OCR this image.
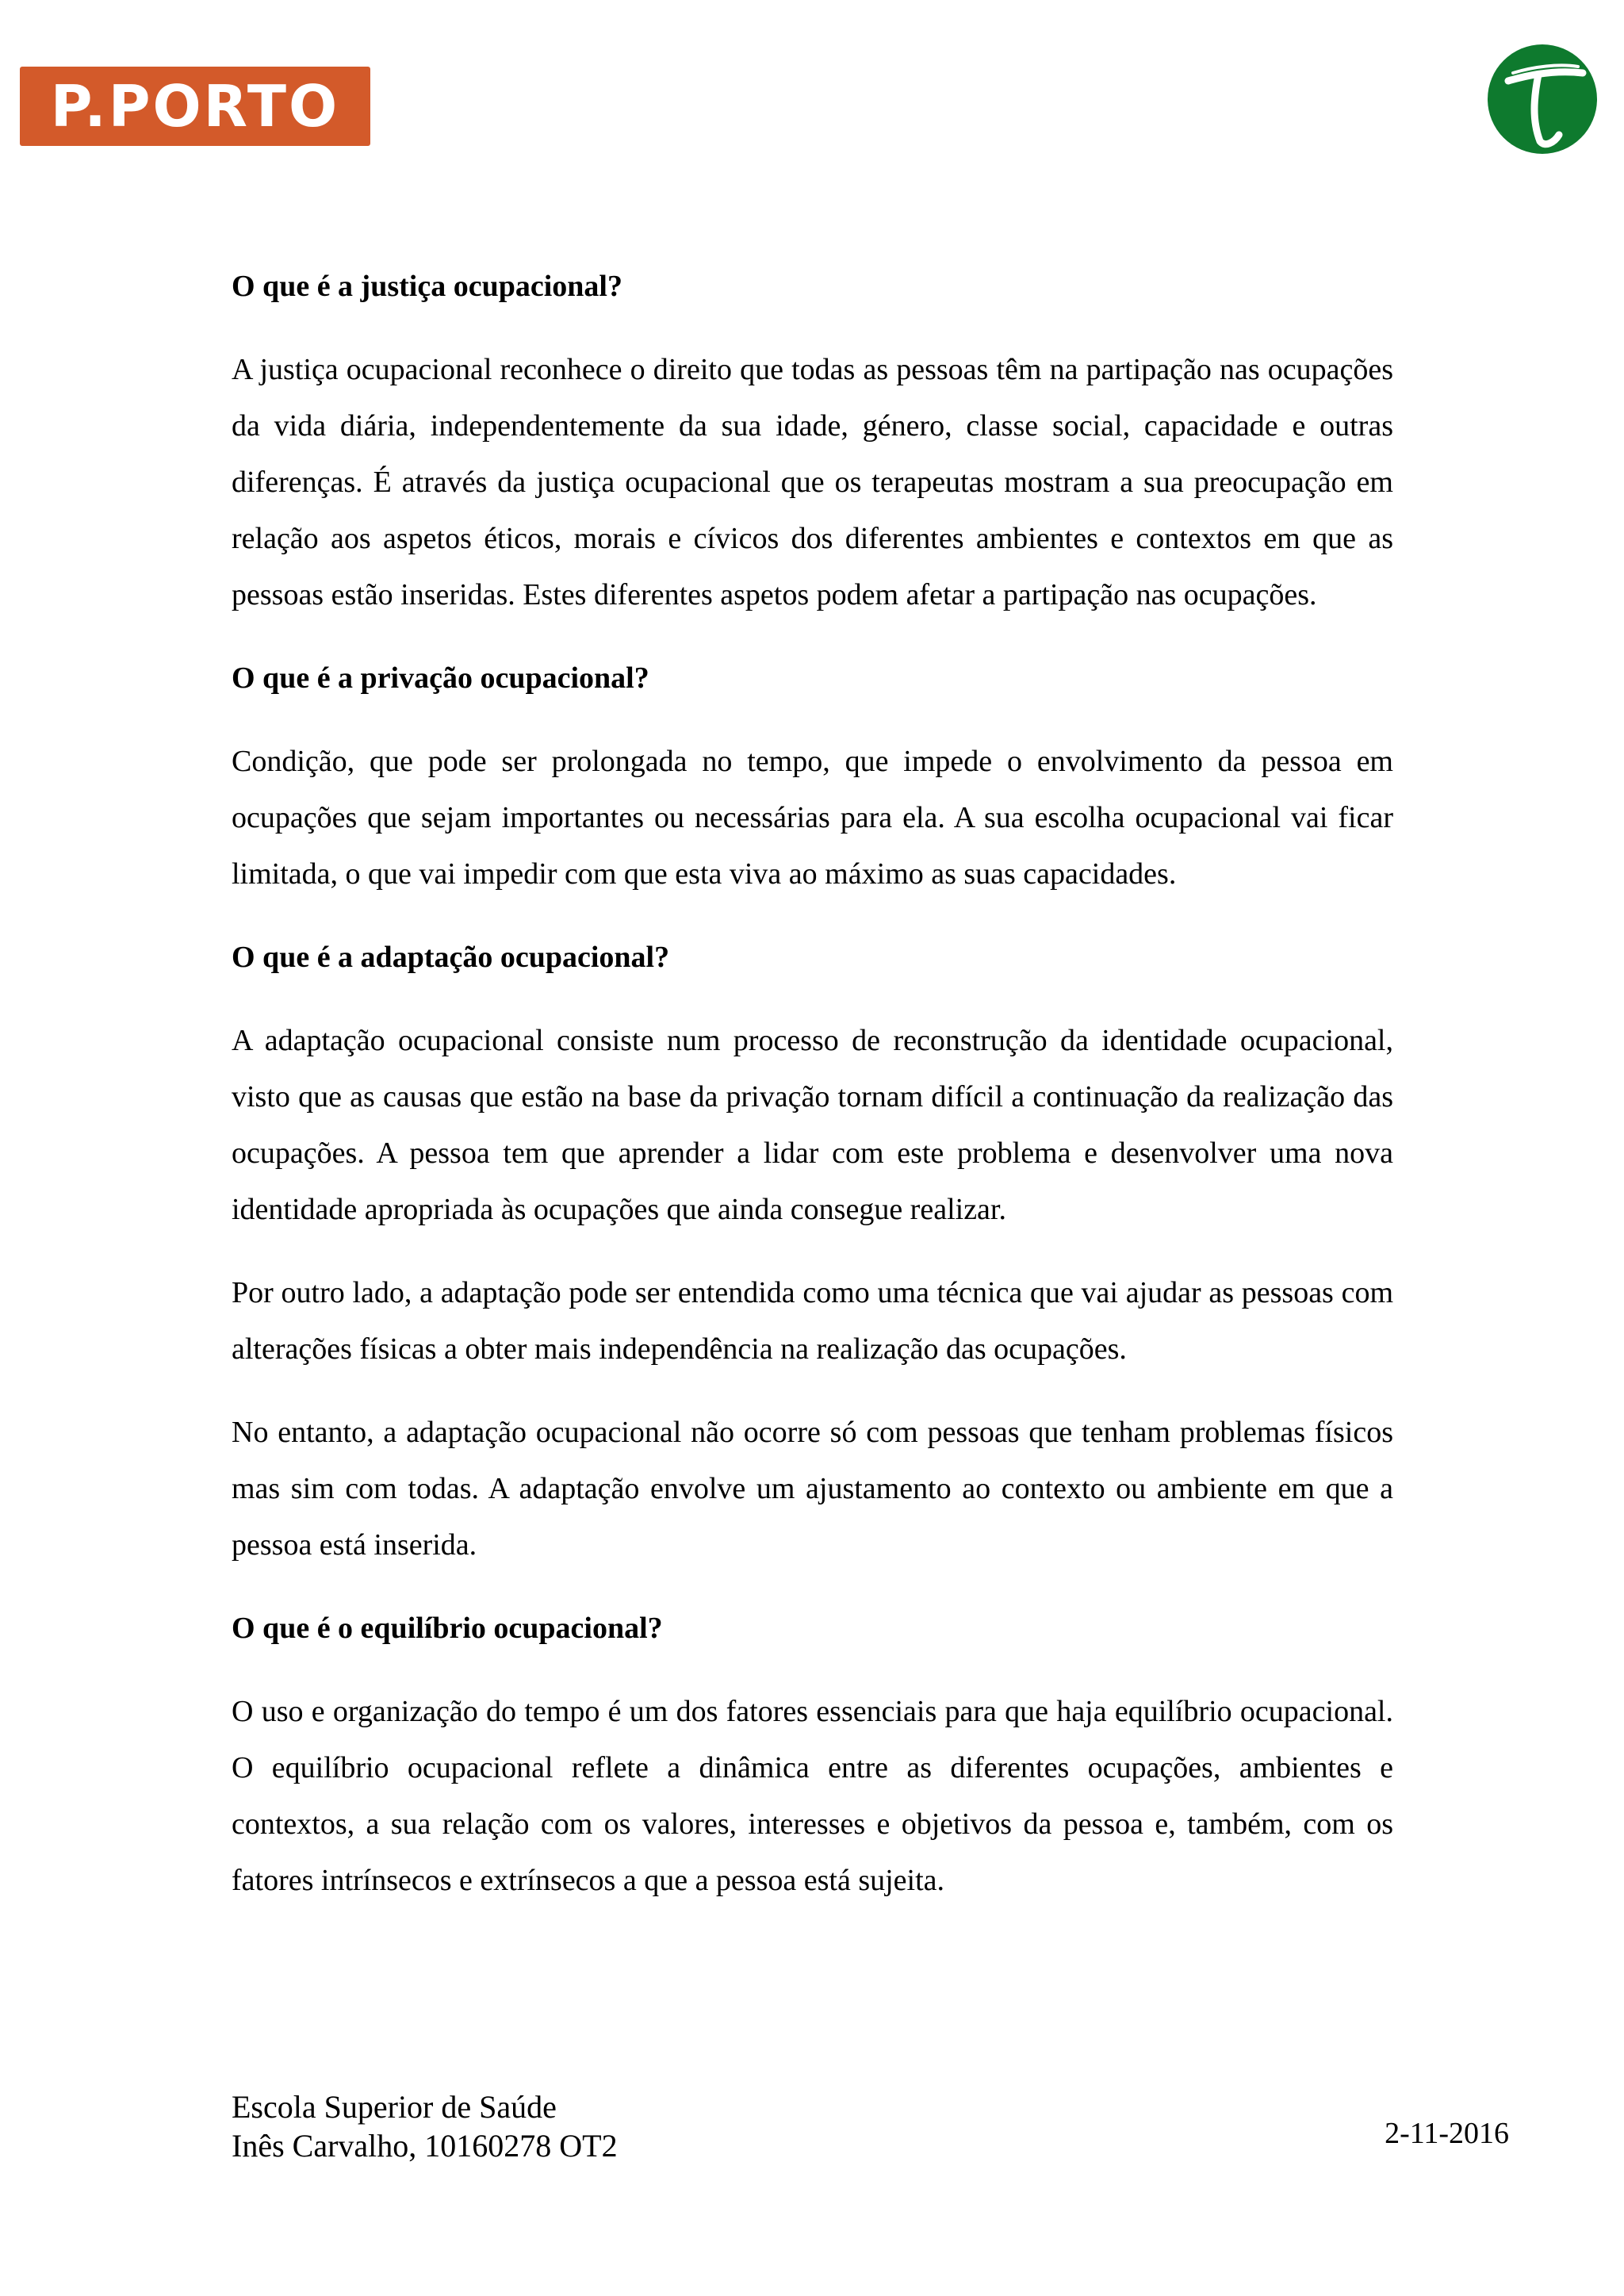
P.PORTO
O que é a justiça ocupacional?

A justiça ocupacional reconhece o direito que todas as pessoas têm na partipação nas ocupações da vida diária, independentemente da sua idade, género, classe social, capacidade e outras diferenças. É através da justiça ocupacional que os terapeutas mostram a sua preocupação em relação aos aspetos éticos, morais e cívicos dos diferentes ambientes e contextos em que as pessoas estão inseridas. Estes diferentes aspetos podem afetar a partipação nas ocupações.

O que é a privação ocupacional?

Condição, que pode ser prolongada no tempo, que impede o envolvimento da pessoa em ocupações que sejam importantes ou necessárias para ela. A sua escolha ocupacional vai ficar limitada, o que vai impedir com que esta viva ao máximo as suas capacidades.

O que é a adaptação ocupacional?

A adaptação ocupacional consiste num processo de reconstrução da identidade ocupacional, visto que as causas que estão na base da privação tornam difícil a continuação da realização das ocupações. A pessoa tem que aprender a lidar com este problema e desenvolver uma nova identidade apropriada às ocupações que ainda consegue realizar.

Por outro lado, a adaptação pode ser entendida como uma técnica que vai ajudar as pessoas com alterações físicas a obter mais independência na realização das ocupações.

No entanto, a adaptação ocupacional não ocorre só com pessoas que tenham problemas físicos mas sim com todas. A adaptação envolve um ajustamento ao contexto ou ambiente em que a pessoa está inserida.

O que é o equilíbrio ocupacional?

O uso e organização do tempo é um dos fatores essenciais para que haja equilíbrio ocupacional. O equilíbrio ocupacional reflete a dinâmica entre as diferentes ocupações, ambientes e contextos, a sua relação com os valores, interesses e objetivos da pessoa e, também, com os fatores intrínsecos e extrínsecos a que a pessoa está sujeita.

Escola Superior de Saúde
Inês Carvalho, 10160278 OT2	2-11-2016
